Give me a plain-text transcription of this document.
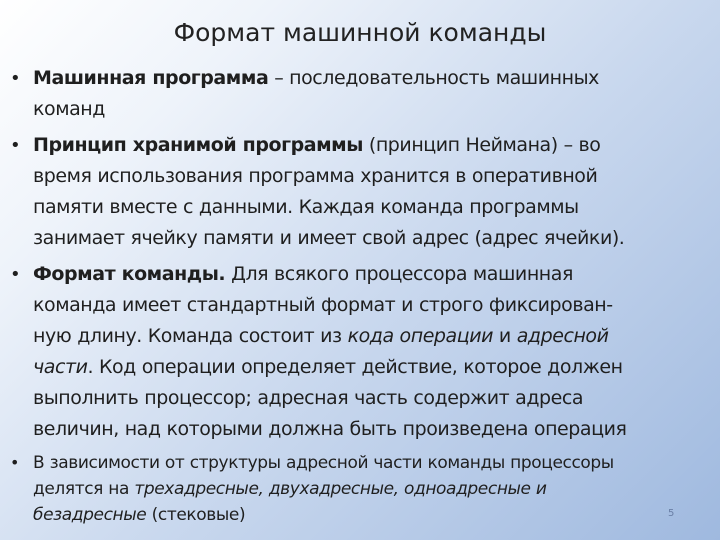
Формат машинной команды
• Машинная программа – последовательность машинных
команд
• Принцип хранимой программы (принцип Неймана) – во
время использования программа хранится в оперативной
памяти вместе с данными. Каждая команда программы
занимает ячейку памяти и имеет свой адрес (адрес ячейки).
• Формат команды. Для всякого процессора машинная
команда имеет стандартный формат и строго фиксирован-
ную длину. Команда состоит из кода операции и адресной
части. Код операции определяет действие, которое должен
выполнить процессор; адресная часть содержит адреса
величин, над которыми должна быть произведена операция
• В зависимости от структуры адресной части команды процессоры
делятся на трехадресные, двухадресные, одноадресные и
безадресные (стековые)	5
